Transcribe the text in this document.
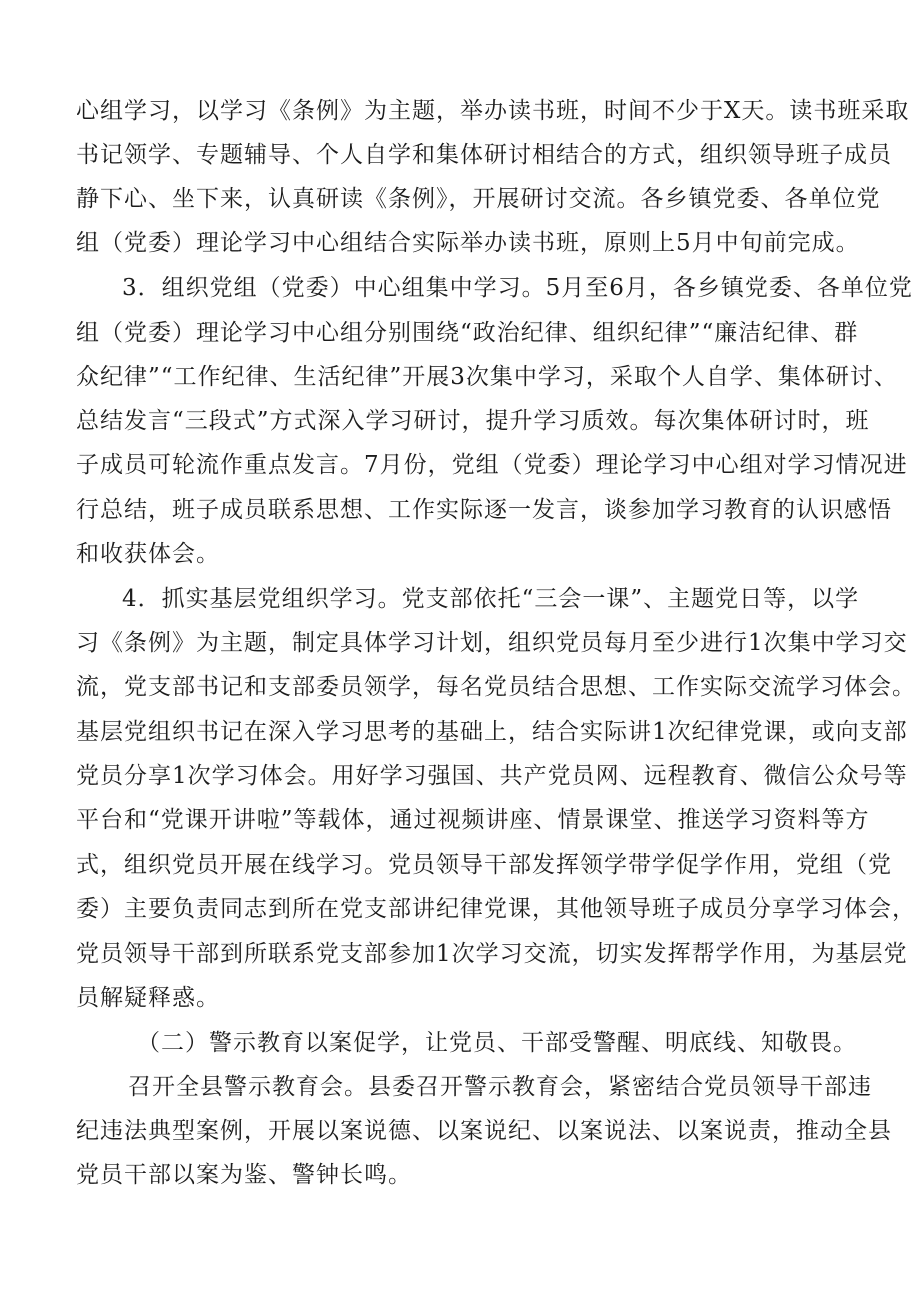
心组学习，以学习《条例》为主题，举办读书班，时间不少于X天。读书班采取
书记领学、专题辅导、个人自学和集体研讨相结合的方式，组织领导班子成员
静下心、坐下来，认真研读《条例》，开展研讨交流。各乡镇党委、各单位党
组（党委）理论学习中心组结合实际举办读书班，原则上5月中旬前完成。
3．组织党组（党委）中心组集中学习。5月至6月，各乡镇党委、各单位党
组（党委）理论学习中心组分别围绕“政治纪律、组织纪律”“廉洁纪律、群
众纪律”“工作纪律、生活纪律”开展3次集中学习，采取个人自学、集体研讨、
总结发言“三段式”方式深入学习研讨，提升学习质效。每次集体研讨时，班
子成员可轮流作重点发言。7月份，党组（党委）理论学习中心组对学习情况进
行总结，班子成员联系思想、工作实际逐一发言，谈参加学习教育的认识感悟
和收获体会。
4．抓实基层党组织学习。党支部依托“三会一课”、主题党日等，以学
习《条例》为主题，制定具体学习计划，组织党员每月至少进行1次集中学习交
流，党支部书记和支部委员领学，每名党员结合思想、工作实际交流学习体会。
基层党组织书记在深入学习思考的基础上，结合实际讲1次纪律党课，或向支部
党员分享1次学习体会。用好学习强国、共产党员网、远程教育、微信公众号等
平台和“党课开讲啦”等载体，通过视频讲座、情景课堂、推送学习资料等方
式，组织党员开展在线学习。党员领导干部发挥领学带学促学作用，党组（党
委）主要负责同志到所在党支部讲纪律党课，其他领导班子成员分享学习体会，
党员领导干部到所联系党支部参加1次学习交流，切实发挥帮学作用，为基层党
员解疑释惑。
（二）警示教育以案促学，让党员、干部受警醒、明底线、知敬畏。
召开全县警示教育会。县委召开警示教育会，紧密结合党员领导干部违
纪违法典型案例，开展以案说德、以案说纪、以案说法、以案说责，推动全县
党员干部以案为鉴、警钟长鸣。
